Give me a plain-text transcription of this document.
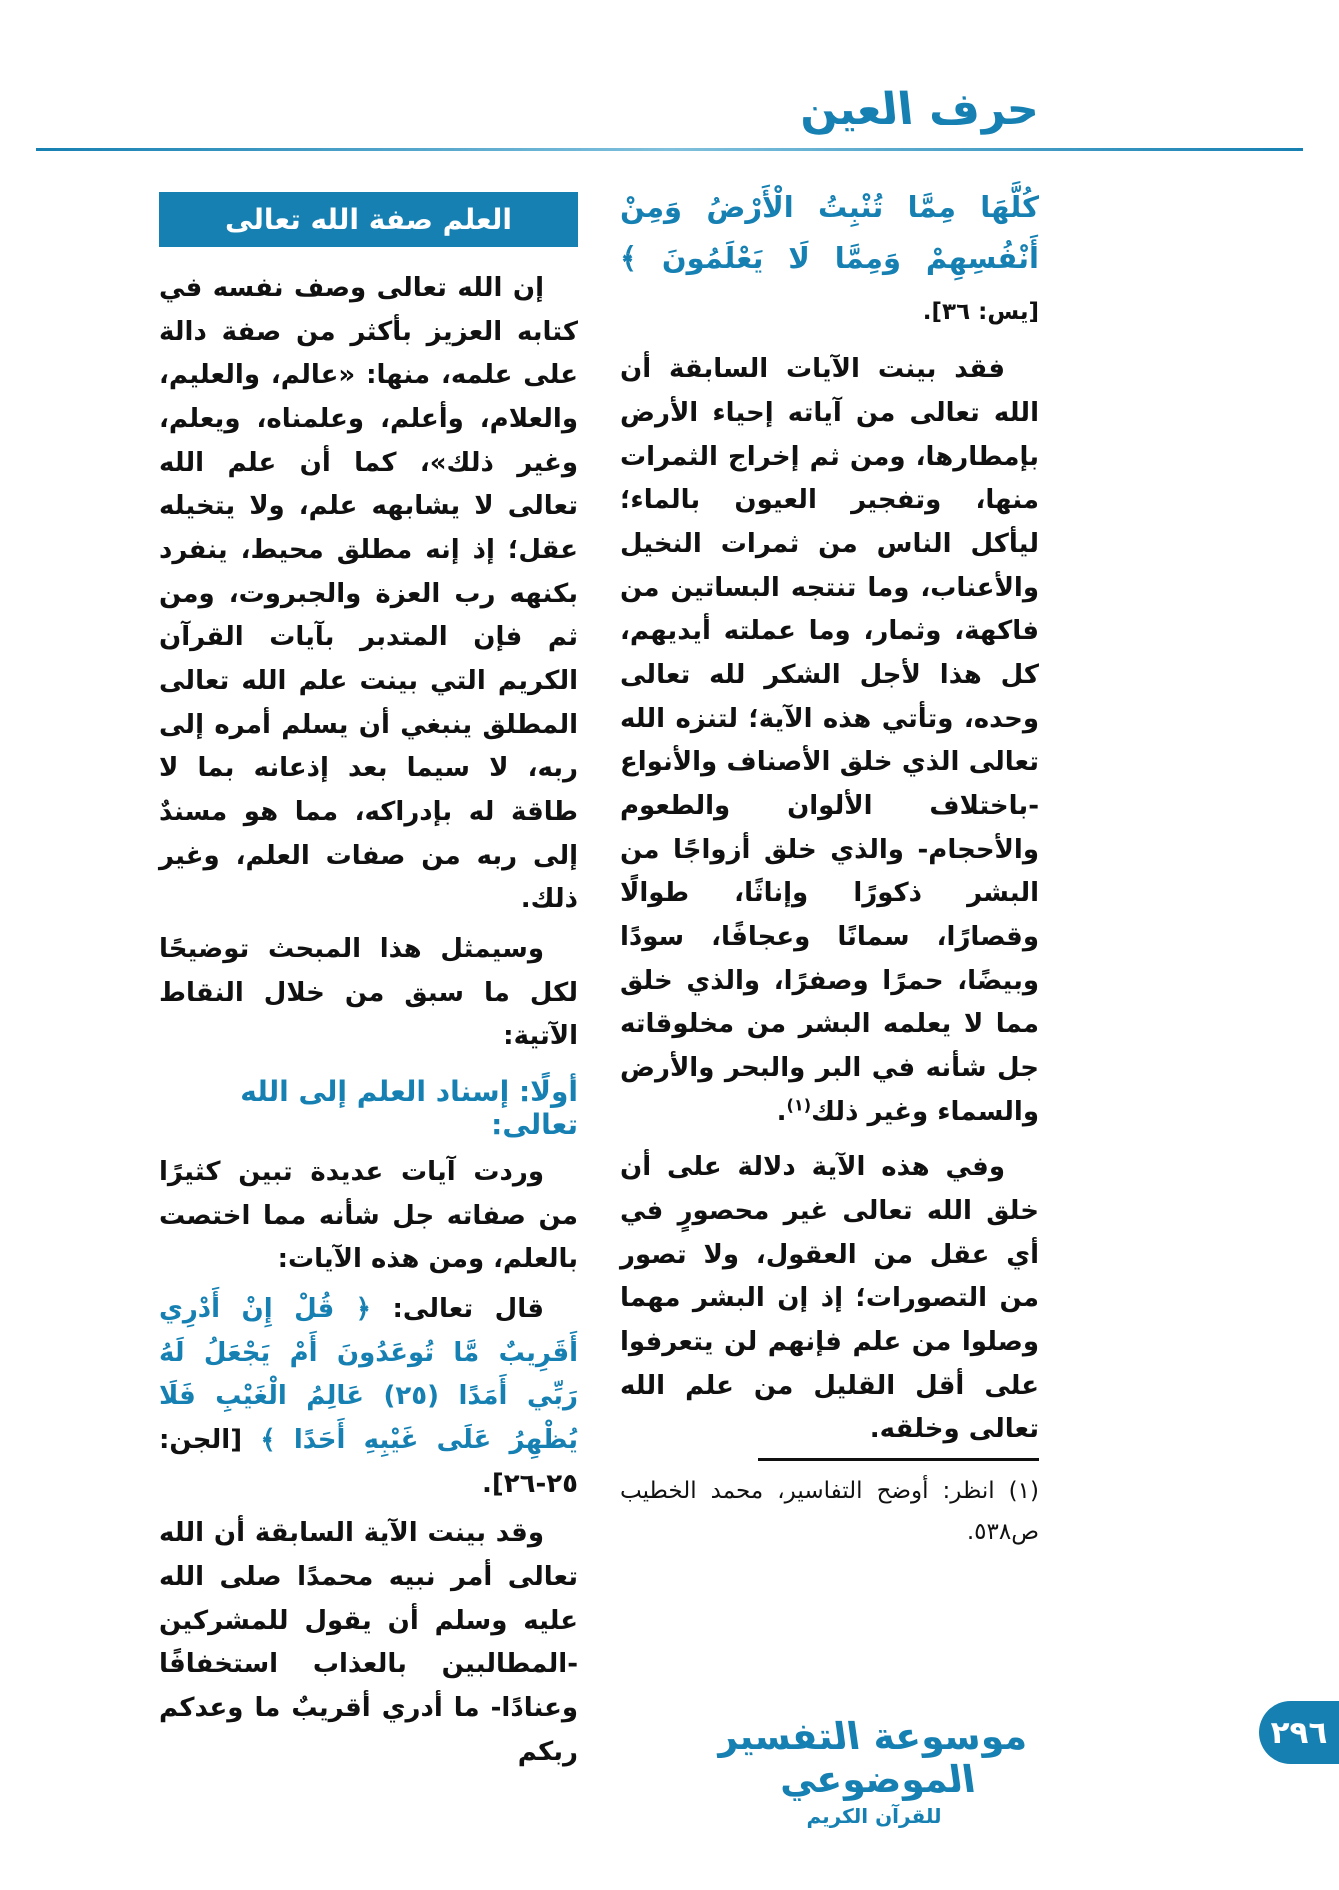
حرف العين

كُلَّهَا مِمَّا تُنْبِتُ الْأَرْضُ وَمِنْ أَنْفُسِهِمْ وَمِمَّا لَا يَعْلَمُونَ ﴾ [يس: ٣٦].

فقد بينت الآيات السابقة أن الله تعالى من آياته إحياء الأرض بإمطارها، ومن ثم إخراج الثمرات منها، وتفجير العيون بالماء؛ ليأكل الناس من ثمرات النخيل والأعناب، وما تنتجه البساتين من فاكهة، وثمار، وما عملته أيديهم، كل هذا لأجل الشكر لله تعالى وحده، وتأتي هذه الآية؛ لتنزه الله تعالى الذي خلق الأصناف والأنواع -باختلاف الألوان والطعوم والأحجام- والذي خلق أزواجًا من البشر ذكورًا وإناثًا، طوالًا وقصارًا، سمانًا وعجافًا، سودًا وبيضًا، حمرًا وصفرًا، والذي خلق مما لا يعلمه البشر من مخلوقاته جل شأنه في البر والبحر والأرض والسماء وغير ذلك$^{(١)}$.

وفي هذه الآية دلالة على أن خلق الله تعالى غير محصورٍ في أي عقل من العقول، ولا تصور من التصورات؛ إذ إن البشر مهما وصلوا من علم فإنهم لن يتعرفوا على أقل القليل من علم الله تعالى وخلقه.

(١) انظر: أوضح التفاسير، محمد الخطيب ص٥٣٨.

العلم صفة الله تعالى

إن الله تعالى وصف نفسه في كتابه العزيز بأكثر من صفة دالة على علمه، منها: «عالم، والعليم، والعلام، وأعلم، وعلمناه، ويعلم، وغير ذلك»، كما أن علم الله تعالى لا يشابهه علم، ولا يتخيله عقل؛ إذ إنه مطلق محيط، ينفرد بكنهه رب العزة والجبروت، ومن ثم فإن المتدبر بآيات القرآن الكريم التي بينت علم الله تعالى المطلق ينبغي أن يسلم أمره إلى ربه، لا سيما بعد إذعانه بما لا طاقة له بإدراكه، مما هو مسندٌ إلى ربه من صفات العلم، وغير ذلك.

وسيمثل هذا المبحث توضيحًا لكل ما سبق من خلال النقاط الآتية:

أولًا: إسناد العلم إلى الله تعالى:

وردت آيات عديدة تبين كثيرًا من صفاته جل شأنه مما اختصت بالعلم، ومن هذه الآيات:

قال تعالى: ﴿ قُلْ إِنْ أَدْرِي أَقَرِيبٌ مَّا تُوعَدُونَ أَمْ يَجْعَلُ لَهُ رَبِّي أَمَدًا (٢٥) عَالِمُ الْغَيْبِ فَلَا يُظْهِرُ عَلَى غَيْبِهِ أَحَدًا ﴾ [الجن: ٢٥-٢٦].

وقد بينت الآية السابقة أن الله تعالى أمر نبيه محمدًا صلى الله عليه وسلم أن يقول للمشركين -المطالبين بالعذاب استخفافًا وعنادًا- ما أدري أقريبٌ ما وعدكم ربكم	موسوعة التفسير الموضوعي
للقرآن الكريم
٢٩٦
